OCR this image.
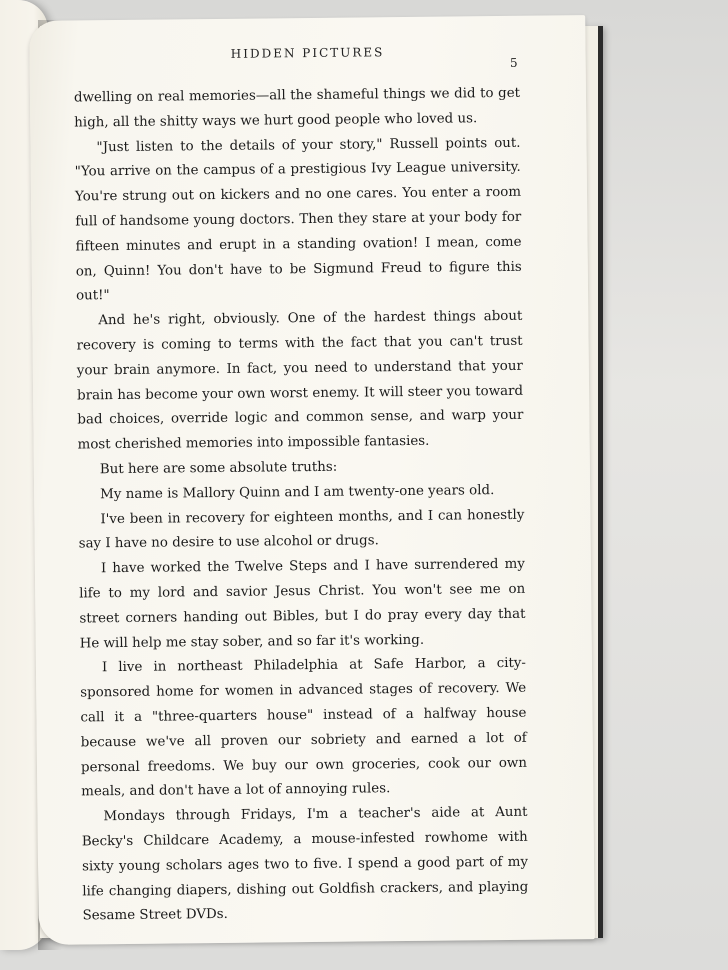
HIDDEN PICTURES
5

dwelling on real memories—all the shameful things we did to get high, all the shitty ways we hurt good people who loved us.

"Just listen to the details of your story," Russell points out. "You arrive on the campus of a prestigious Ivy League university. You're strung out on kickers and no one cares. You enter a room full of handsome young doctors. Then they stare at your body for fifteen minutes and erupt in a standing ovation! I mean, come on, Quinn! You don't have to be Sigmund Freud to figure this out!"

And he's right, obviously. One of the hardest things about recovery is coming to terms with the fact that you can't trust your brain anymore. In fact, you need to understand that your brain has become your own worst enemy. It will steer you toward bad choices, override logic and common sense, and warp your most cherished memories into impossible fantasies.

But here are some absolute truths:

My name is Mallory Quinn and I am twenty-one years old.

I've been in recovery for eighteen months, and I can honestly say I have no desire to use alcohol or drugs.

I have worked the Twelve Steps and I have surrendered my life to my lord and savior Jesus Christ. You won't see me on street corners handing out Bibles, but I do pray every day that He will help me stay sober, and so far it's working.

I live in northeast Philadelphia at Safe Harbor, a city-sponsored home for women in advanced stages of recovery. We call it a "three-quarters house" instead of a halfway house because we've all proven our sobriety and earned a lot of personal freedoms. We buy our own groceries, cook our own meals, and don't have a lot of annoying rules.

Mondays through Fridays, I'm a teacher's aide at Aunt Becky's Childcare Academy, a mouse-infested rowhome with sixty young scholars ages two to five. I spend a good part of my life changing diapers, dishing out Goldfish crackers, and playing Sesame Street DVDs.
